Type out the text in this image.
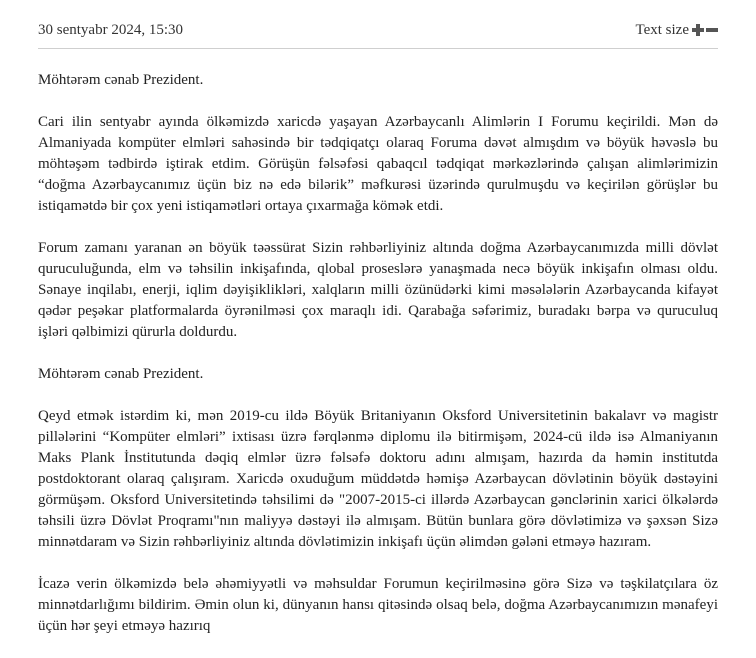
30 sentyabr 2024, 15:30	Text size

Möhtərəm cənab Prezident.

Cari ilin sentyabr ayında ölkəmizdə xaricdə yaşayan Azərbaycanlı Alimlərin I Forumu keçirildi. Mən də Almaniyada kompüter elmləri sahəsində bir tədqiqatçı olaraq Foruma dəvət almışdım və böyük həvəslə bu möhtəşəm tədbirdə iştirak etdim. Görüşün fəlsəfəsi qabaqcıl tədqiqat mərkəzlərində çalışan alimlərimizin “doğma Azərbaycanımız üçün biz nə edə bilərik” məfkurəsi üzərində qurulmuşdu və keçirilən görüşlər bu istiqamətdə bir çox yeni istiqamətləri ortaya çıxarmağa kömək etdi.

Forum zamanı yaranan ən böyük təəssürat Sizin rəhbərliyiniz altında doğma Azərbaycanımızda milli dövlət quruculuğunda, elm və təhsilin inkişafında, qlobal proseslərə yanaşmada necə böyük inkişafın olması oldu. Sənaye inqilabı, enerji, iqlim dəyişiklikləri, xalqların milli özünüdərki kimi məsələlərin Azərbaycanda kifayət qədər peşəkar platformalarda öyrənilməsi çox maraqlı idi. Qarabağa səfərimiz, buradakı bərpa və quruculuq işləri qəlbimizi qürurla doldurdu.

Möhtərəm cənab Prezident.

Qeyd etmək istərdim ki, mən 2019-cu ildə Böyük Britaniyanın Oksford Universitetinin bakalavr və magistr pillələrini “Kompüter elmləri” ixtisası üzrə fərqlənmə diplomu ilə bitirmişəm, 2024-cü ildə isə Almaniyanın Maks Plank İnstitutunda dəqiq elmlər üzrə fəlsəfə doktoru adını almışam, hazırda da həmin institutda postdoktorant olaraq çalışıram. Xaricdə oxuduğum müddətdə həmişə Azərbaycan dövlətinin böyük dəstəyini görmüşəm. Oksford Universitetində təhsilimi də "2007-2015-ci illərdə Azərbaycan gənclərinin xarici ölkələrdə təhsili üzrə Dövlət Proqramı"nın maliyyə dəstəyi ilə almışam. Bütün bunlara görə dövlətimizə və şəxsən Sizə minnətdaram və Sizin rəhbərliyiniz altında dövlətimizin inkişafı üçün əlimdən gələni etməyə hazıram.

İcazə verin ölkəmizdə belə əhəmiyyətli və məhsuldar Forumun keçirilməsinə görə Sizə və təşkilatçılara öz minnətdarlığımı bildirim. Əmin olun ki, dünyanın hansı qitəsində olsaq belə, doğma Azərbaycanımızın mənafeyi üçün hər şeyi etməyə hazırıq
